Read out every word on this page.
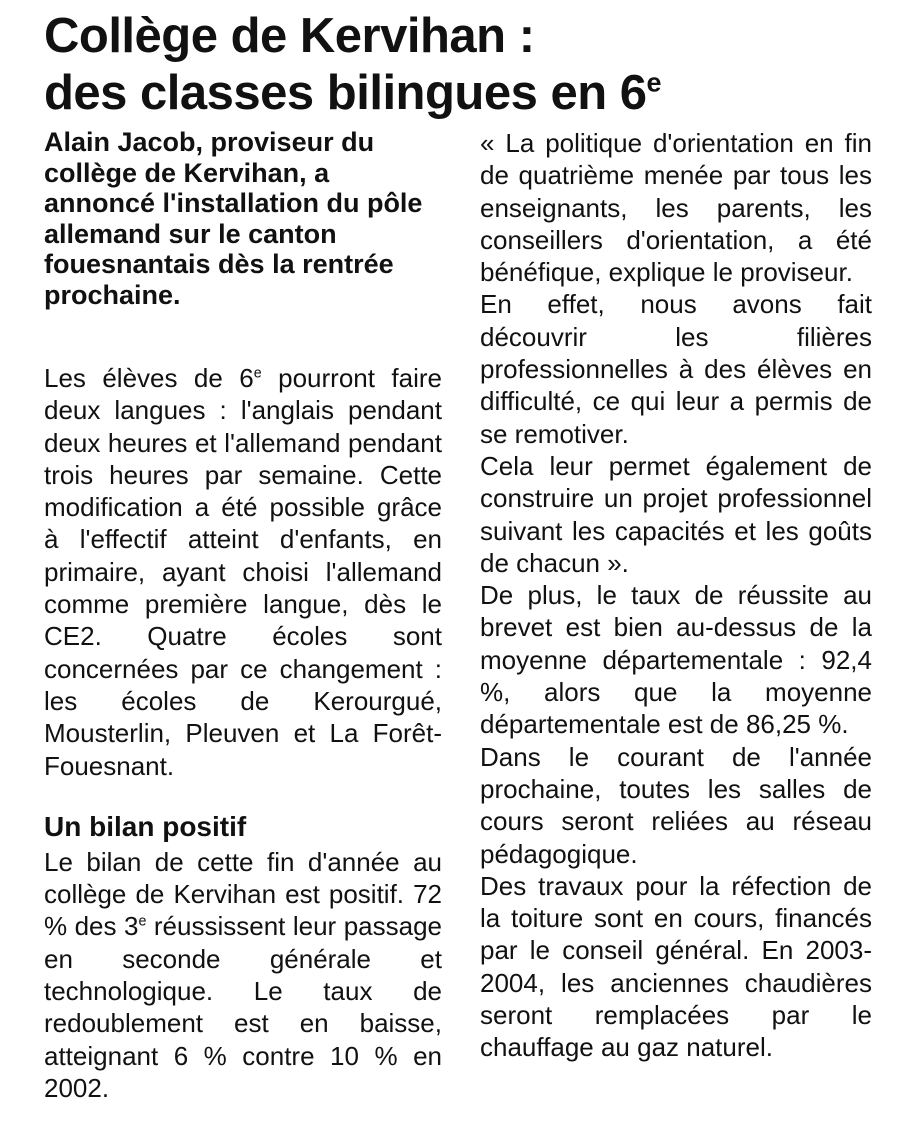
Collège de Kervihan :
des classes bilingues en 6e

Alain Jacob, proviseur du collège de Kervihan, a annoncé l'installation du pôle allemand sur le canton fouesnantais dès la rentrée prochaine.

Les élèves de 6e pourront faire deux langues : l'anglais pendant deux heures et l'allemand pendant trois heures par semaine. Cette modification a été possible grâce à l'effectif atteint d'enfants, en primaire, ayant choisi l'allemand comme première langue, dès le CE2. Quatre écoles sont concernées par ce changement : les écoles de Kerourgué, Mousterlin, Pleuven et La Forêt-Fouesnant.

Un bilan positif

Le bilan de cette fin d'année au collège de Kervihan est positif. 72 % des 3e réussissent leur passage en seconde générale et technologique. Le taux de redoublement est en baisse, atteignant 6 % contre 10 % en 2002.

« La politique d'orientation en fin de quatrième menée par tous les enseignants, les parents, les conseillers d'orientation, a été bénéfique, explique le proviseur.

En effet, nous avons fait découvrir les filières professionnelles à des élèves en difficulté, ce qui leur a permis de se remotiver.

Cela leur permet également de construire un projet professionnel suivant les capacités et les goûts de chacun ».

De plus, le taux de réussite au brevet est bien au-dessus de la moyenne départementale : 92,4 %, alors que la moyenne départementale est de 86,25 %.

Dans le courant de l'année prochaine, toutes les salles de cours seront reliées au réseau pédagogique.

Des travaux pour la réfection de la toiture sont en cours, financés par le conseil général. En 2003-2004, les anciennes chaudières seront remplacées par le chauffage au gaz naturel.
